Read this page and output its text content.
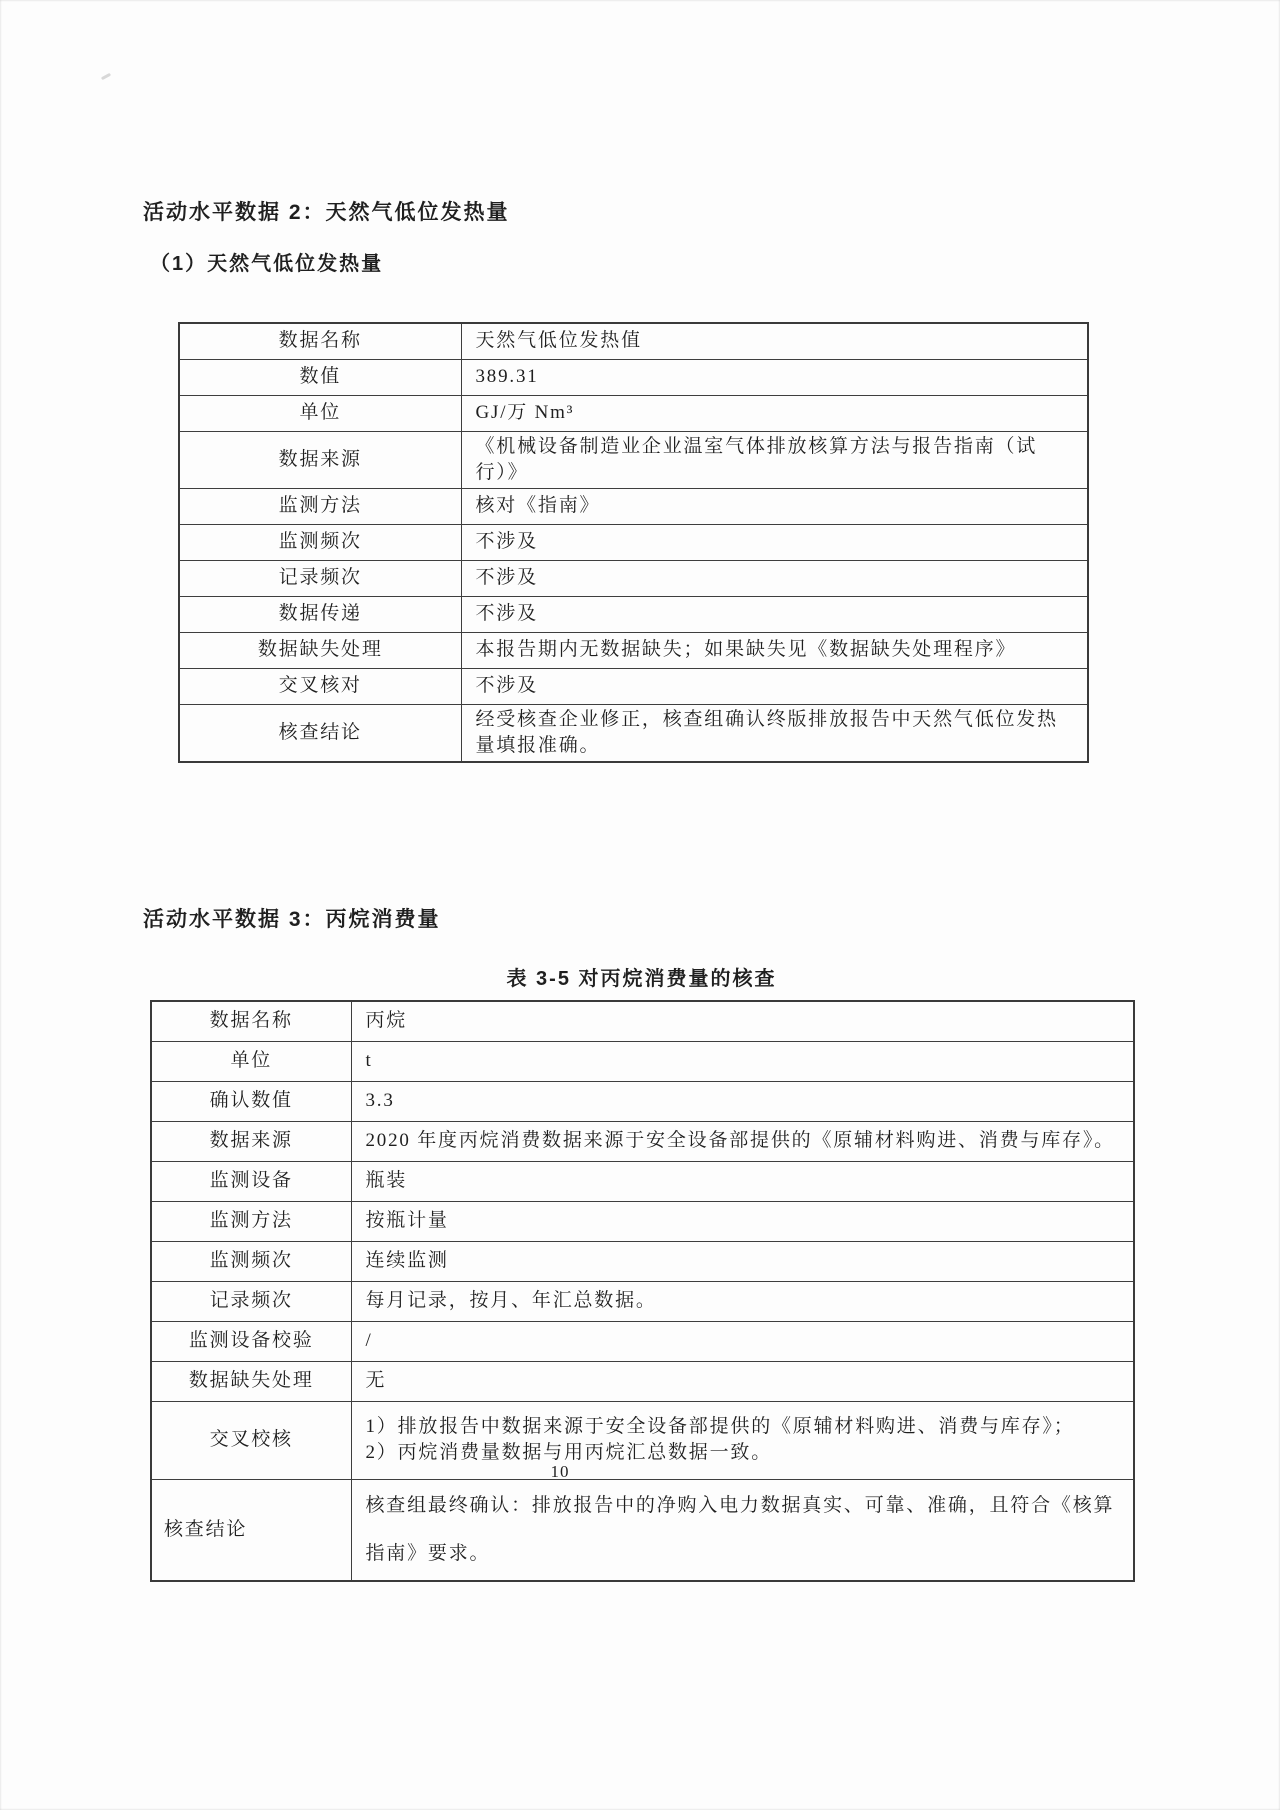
活动水平数据 2：天然气低位发热量
（1）天然气低位发热量
数据名称	天然气低位发热值
数值	389.31
单位	GJ/万 Nm³
数据来源	《机械设备制造业企业温室气体排放核算方法与报告指南（试行）》
监测方法	核对《指南》
监测频次	不涉及
记录频次	不涉及
数据传递	不涉及
数据缺失处理	本报告期内无数据缺失；如果缺失见《数据缺失处理程序》
交叉核对	不涉及
核查结论	经受核查企业修正，核查组确认终版排放报告中天然气低位发热量填报准确。
活动水平数据 3：丙烷消费量
表 3-5 对丙烷消费量的核查
数据名称	丙烷
单位	t
确认数值	3.3
数据来源	2020 年度丙烷消费数据来源于安全设备部提供的《原辅材料购进、消费与库存》。
监测设备	瓶装
监测方法	按瓶计量
监测频次	连续监测
记录频次	每月记录，按月、年汇总数据。
监测设备校验	/
数据缺失处理	无
交叉校核	1）排放报告中数据来源于安全设备部提供的《原辅材料购进、消费与库存》；
2）丙烷消费量数据与用丙烷汇总数据一致。

核查结论	核查组最终确认：排放报告中的净购入电力数据真实、可靠、准确，且符合《核算指南》要求。
10
